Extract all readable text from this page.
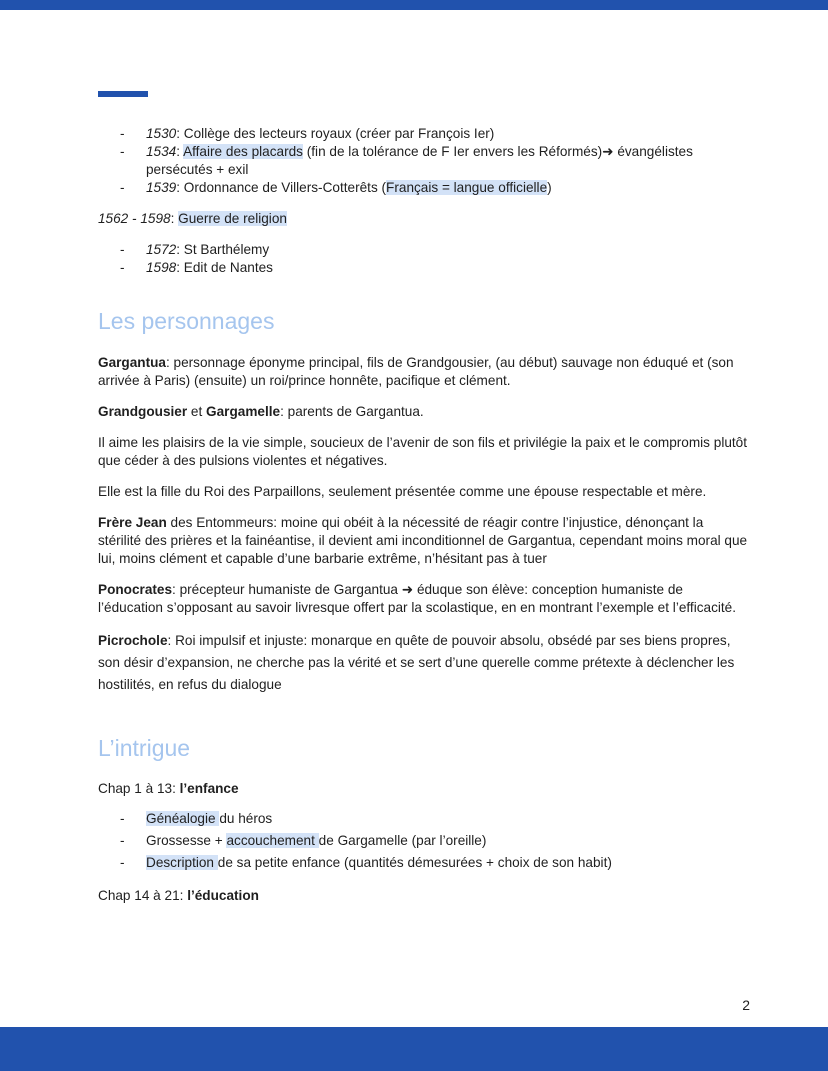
- 1530: Collège des lecteurs royaux (créer par François Ier)
- 1534: Affaire des placards (fin de la tolérance de F Ier envers les Réformés)➜ évangélistes persécutés + exil
- 1539: Ordonnance de Villers-Cotterêts (Français = langue officielle)

1562 - 1598: Guerre de religion

- 1572: St Barthélemy
- 1598: Edit de Nantes
Les personnages

Gargantua: personnage éponyme principal, fils de Grandgousier, (au début) sauvage non éduqué et (son arrivée à Paris) (ensuite) un roi/prince honnête, pacifique et clément.

Grandgousier et Gargamelle: parents de Gargantua.

Il aime les plaisirs de la vie simple, soucieux de l’avenir de son fils et privilégie la paix et le compromis plutôt que céder à des pulsions violentes et négatives.

Elle est la fille du Roi des Parpaillons, seulement présentée comme une épouse respectable et mère.

Frère Jean des Entommeurs: moine qui obéit à la nécessité de réagir contre l’injustice, dénonçant la stérilité des prières et la fainéantise, il devient ami inconditionnel de Gargantua, cependant moins moral que lui, moins clément et capable d’une barbarie extrême, n’hésitant pas à tuer

Ponocrates: précepteur humaniste de Gargantua ➜ éduque son élève: conception humaniste de l’éducation s’opposant au savoir livresque offert par la scolastique, en en montrant l’exemple et l’efficacité.

Picrochole: Roi impulsif et injuste: monarque en quête de pouvoir absolu, obsédé par ses biens propres, son désir d’expansion, ne cherche pas la vérité et se sert d’une querelle comme prétexte à déclencher les hostilités, en refus du dialogue

L’intrigue

Chap 1 à 13: l’enfance

- Généalogie du héros
- Grossesse + accouchement de Gargamelle (par l’oreille)
- Description de sa petite enfance (quantités démesurées + choix de son habit)

Chap 14 à 21: l’éducation

2
